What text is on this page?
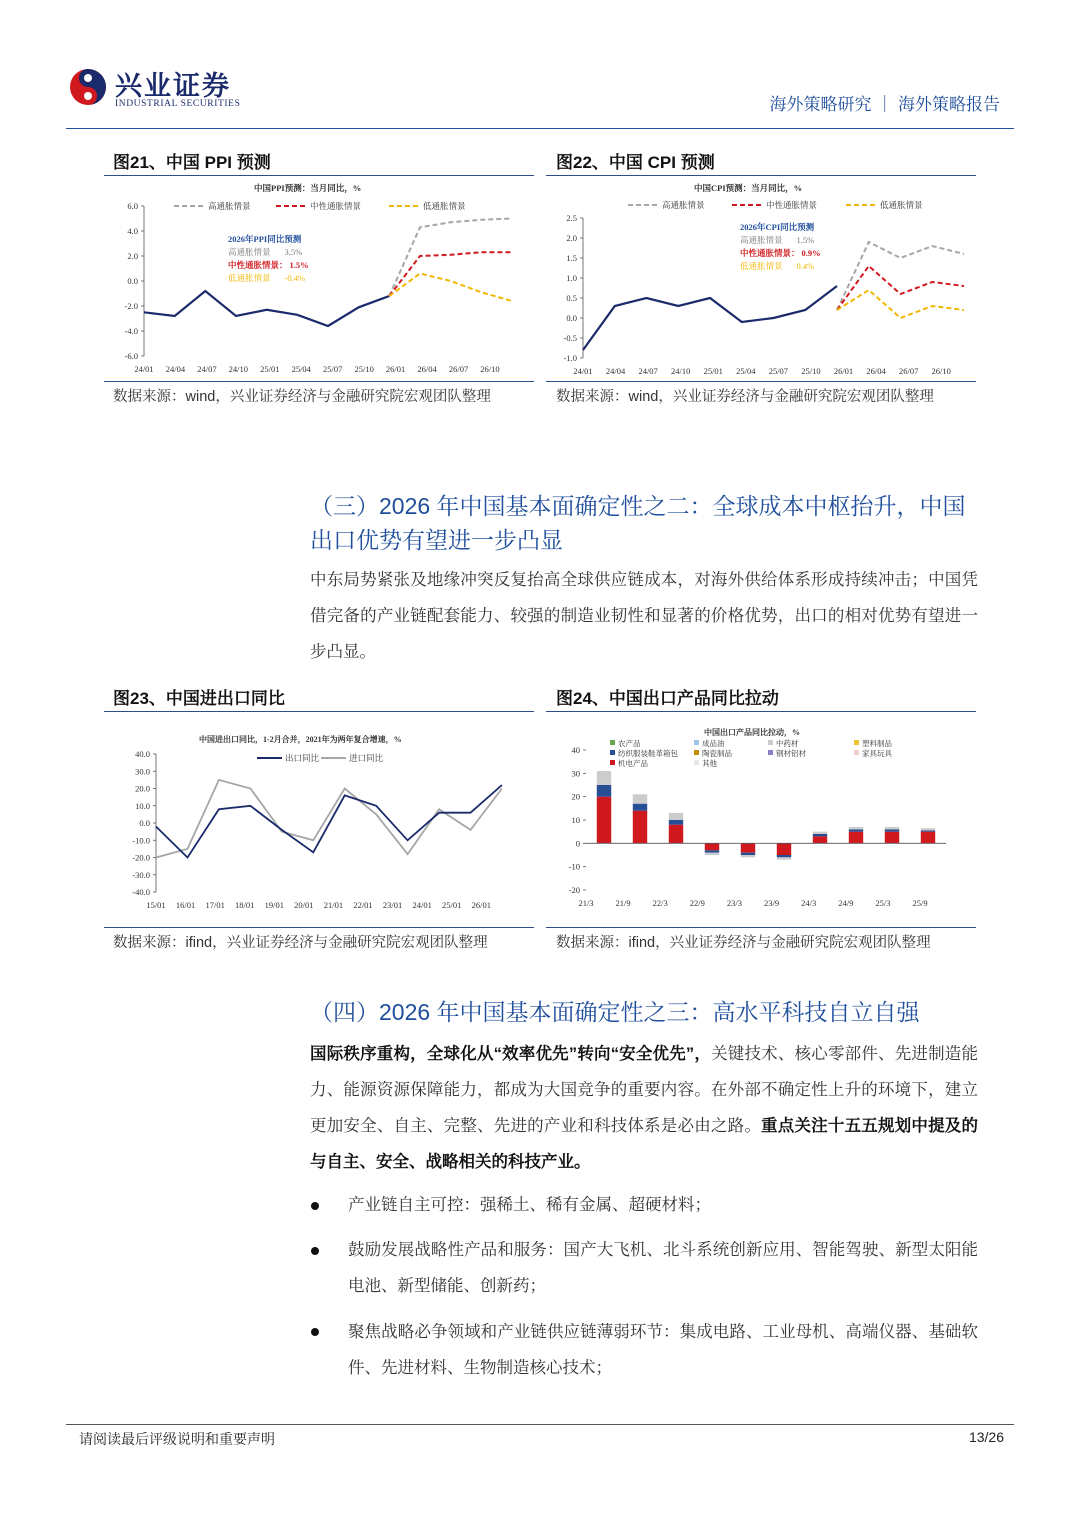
兴业证券
INDUSTRIAL SECURITIES	海外策略研究 ｜ 海外策略报告
图21、中国 PPI 预测
中国PPI预测：当月同比，%
高通胀情景	中性通胀情景	低通胀情景
6.0
4.0
2.0
0.0
-2.0
-4.0
-6.0
24/01 24/04 24/07 24/10 25/01 25/04 25/07 25/10 26/01 26/04 26/07 26/10
2026年PPI同比预测
高通胀情景 3.5%
中性通胀情景： 1.5%
低通胀情景 -0.4%
数据来源：wind，兴业证券经济与金融研究院宏观团队整理
图22、中国 CPI 预测
中国CPI预测：当月同比，%
高通胀情景	中性通胀情景	低通胀情景
2.5
2.0
1.5
1.0
0.5
0.0
-0.5
-1.0
24/01 24/04 24/07 24/10 25/01 25/04 25/07 25/10 26/01 26/04 26/07 26/10
2026年CPI同比预测
高通胀情景 1.5%
中性通胀情景： 0.9%
低通胀情景 0.4%
数据来源：wind，兴业证券经济与金融研究院宏观团队整理
（三）2026 年中国基本面确定性之二：全球成本中枢抬升，中国出口优势有望进一步凸显
中东局势紧张及地缘冲突反复抬高全球供应链成本，对海外供给体系形成持续冲击；中国凭借完备的产业链配套能力、较强的制造业韧性和显著的价格优势，出口的相对优势有望进一步凸显。
图23、中国进出口同比
中国进出口同比，1-2月合并，2021年为两年复合增速，%
出口同比	进口同比
40.0
30.0
20.0
10.0
0.0
-10.0
-20.0
-30.0
-40.0
15/01 16/01 17/01 18/01 19/01 20/01 21/01 22/01 23/01 24/01 25/01 26/01
数据来源：ifind，兴业证券经济与金融研究院宏观团队整理
图24、中国出口产品同比拉动
中国出口产品同比拉动，%
农产品	成品油	中药材	塑料制品
纺织服装鞋革箱包	陶瓷制品	钢材铝材	家具玩具
机电产品	其他
40
30
20
10
0
-10
-20
21/3	21/9	22/3	22/9	23/3	23/9	24/3	24/9	25/3	25/9
数据来源：ifind，兴业证券经济与金融研究院宏观团队整理
（四）2026 年中国基本面确定性之三：高水平科技自立自强
国际秩序重构，全球化从“效率优先”转向“安全优先”，关键技术、核心零部件、先进制造能力、能源资源保障能力，都成为大国竞争的重要内容。在外部不确定性上升的环境下，建立更加安全、自主、完整、先进的产业和科技体系是必由之路。重点关注十五五规划中提及的与自主、安全、战略相关的科技产业。
产业链自主可控：强稀土、稀有金属、超硬材料；
鼓励发展战略性产品和服务：国产大飞机、北斗系统创新应用、智能驾驶、新型太阳能电池、新型储能、创新药；
聚焦战略必争领域和产业链供应链薄弱环节：集成电路、工业母机、高端仪器、基础软件、先进材料、生物制造核心技术；
请阅读最后评级说明和重要声明	13/26
